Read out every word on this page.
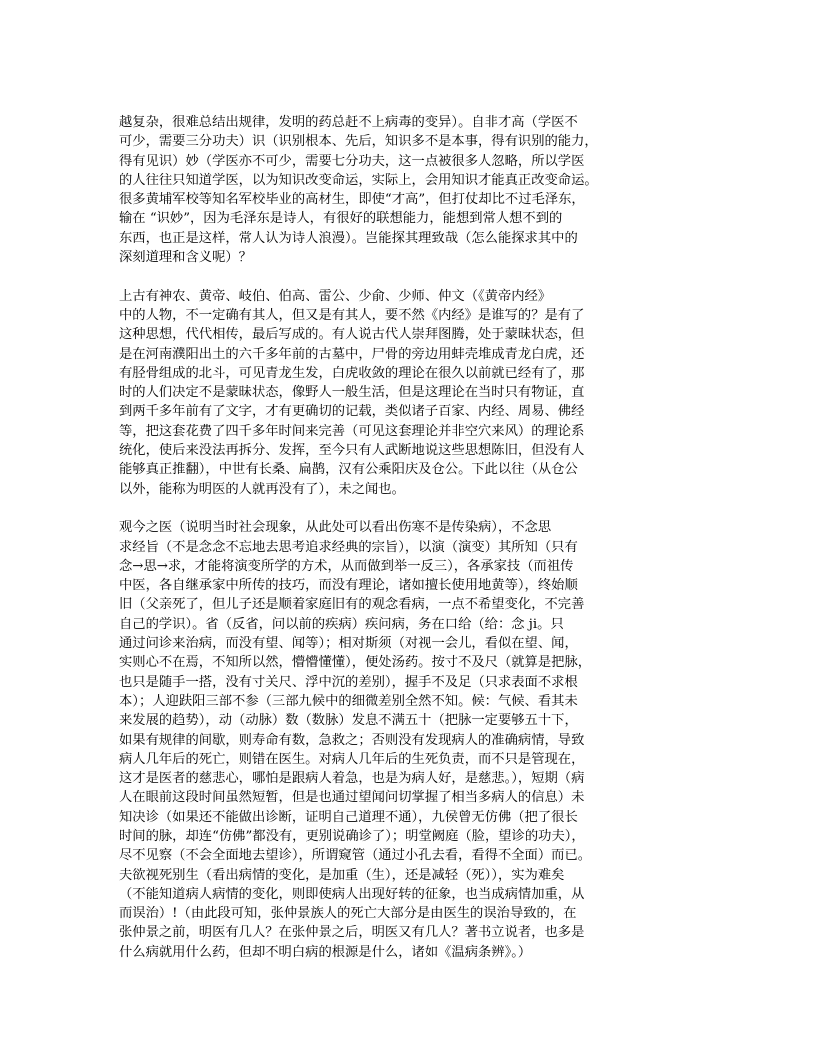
越复杂，很难总结出规律，发明的药总赶不上病毒的变异）。自非才高（学医不
可少，需要三分功夫）识（识别根本、先后，知识多不是本事，得有识别的能力，
得有见识）妙（学医亦不可少，需要七分功夫，这一点被很多人忽略，所以学医
的人往往只知道学医，以为知识改变命运，实际上，会用知识才能真正改变命运。
很多黄埔军校等知名军校毕业的高材生，即使“才高”，但打仗却比不过毛泽东，
输在 “识妙”，因为毛泽东是诗人，有很好的联想能力，能想到常人想不到的
东西，也正是这样，常人认为诗人浪漫）。岂能探其理致哉（怎么能探求其中的
深刻道理和含义呢）？
上古有神农、黄帝、岐伯、伯高、雷公、少俞、少师、仲文（《黄帝内经》
中的人物，不一定确有其人，但又是有其人，要不然《内经》是谁写的？是有了
这种思想，代代相传，最后写成的。有人说古代人崇拜图腾，处于蒙昧状态，但
是在河南濮阳出土的六千多年前的古墓中，尸骨的旁边用蚌壳堆成青龙白虎，还
有胫骨组成的北斗，可见青龙生发，白虎收敛的理论在很久以前就已经有了，那
时的人们决定不是蒙昧状态，像野人一般生活，但是这理论在当时只有物证，直
到两千多年前有了文字，才有更确切的记载，类似诸子百家、内经、周易、佛经
等，把这套花费了四千多年时间来完善（可见这套理论并非空穴来风）的理论系
统化，使后来没法再拆分、发挥，至今只有人武断地说这些思想陈旧，但没有人
能够真正推翻），中世有长桑、扁鹊，汉有公乘阳庆及仓公。下此以往（从仓公
以外，能称为明医的人就再没有了），未之闻也。
观今之医（说明当时社会现象，从此处可以看出伤寒不是传染病），不念思
求经旨（不是念念不忘地去思考追求经典的宗旨），以演（演变）其所知（只有
念→思→求，才能将演变所学的方术，从而做到举一反三），各承家技（而祖传
中医，各自继承家中所传的技巧，而没有理论，诸如擅长使用地黄等），终始顺
旧（父亲死了，但儿子还是顺着家庭旧有的观念看病，一点不希望变化，不完善
自己的学识）。省（反省，问以前的疾病）疾问病，务在口给（给：念 ji。只
通过问诊来治病，而没有望、闻等）；相对斯须（对视一会儿，看似在望、闻，
实则心不在焉，不知所以然，懵懵懂懂），便处汤药。按寸不及尺（就算是把脉，
也只是随手一搭，没有寸关尺、浮中沉的差别），握手不及足（只求表面不求根
本）；人迎趺阳三部不参（三部九候中的细微差别全然不知。候：气候、看其未
来发展的趋势），动（动脉）数（数脉）发息不满五十（把脉一定要够五十下，
如果有规律的间歇，则寿命有数，急救之；否则没有发现病人的准确病情，导致
病人几年后的死亡，则错在医生。对病人几年后的生死负责，而不只是管现在，
这才是医者的慈悲心，哪怕是跟病人着急，也是为病人好，是慈悲。），短期（病
人在眼前这段时间虽然短暂，但是也通过望闻问切掌握了相当多病人的信息）未
知决诊（如果还不能做出诊断，证明自己道理不通），九侯曾无仿佛（把了很长
时间的脉，却连“仿佛”都没有，更别说确诊了）；明堂阙庭（脸，望诊的功夫），
尽不见察（不会全面地去望诊），所谓窥管（通过小孔去看，看得不全面）而已。
夫欲视死别生（看出病情的变化，是加重（生），还是减轻（死）），实为难矣
（不能知道病人病情的变化，则即使病人出现好转的征象，也当成病情加重，从
而误治）!（由此段可知，张仲景族人的死亡大部分是由医生的误治导致的，在
张仲景之前，明医有几人？在张仲景之后，明医又有几人？著书立说者，也多是
什么病就用什么药，但却不明白病的根源是什么，诸如《温病条辨》。）
